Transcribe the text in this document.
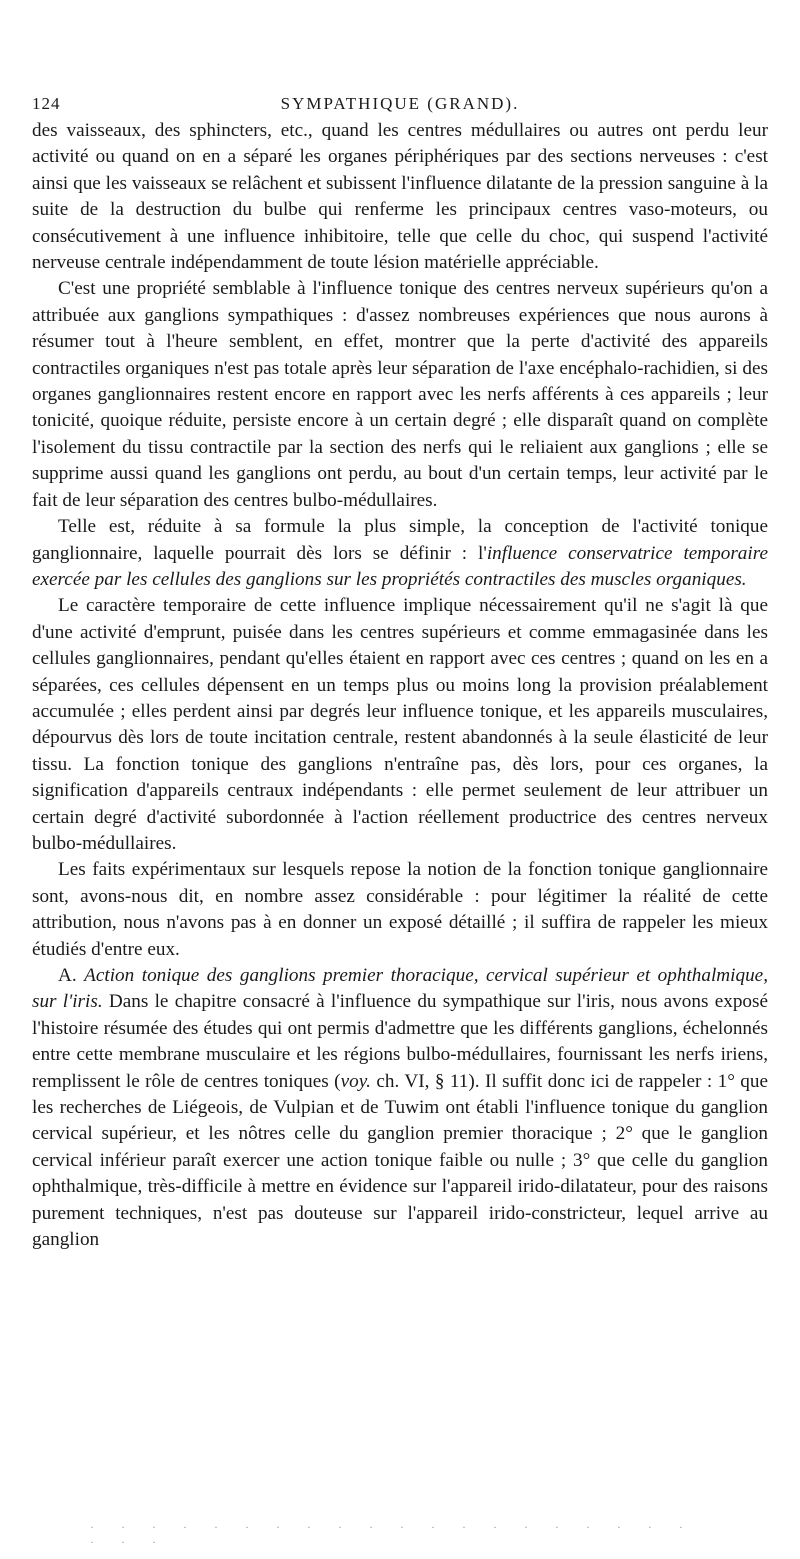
124	SYMPATHIQUE (GRAND).

des vaisseaux, des sphincters, etc., quand les centres médullaires ou autres ont perdu leur activité ou quand on en a séparé les organes périphériques par des sections nerveuses : c'est ainsi que les vaisseaux se relâchent et subissent l'influence dilatante de la pression sanguine à la suite de la destruction du bulbe qui renferme les principaux centres vaso-moteurs, ou consécutivement à une influence inhibitoire, telle que celle du choc, qui suspend l'activité nerveuse centrale indépendamment de toute lésion matérielle appréciable.

C'est une propriété semblable à l'influence tonique des centres nerveux supérieurs qu'on a attribuée aux ganglions sympathiques : d'assez nombreuses expériences que nous aurons à résumer tout à l'heure semblent, en effet, montrer que la perte d'activité des appareils contractiles organiques n'est pas totale après leur séparation de l'axe encéphalo-rachidien, si des organes ganglionnaires restent encore en rapport avec les nerfs afférents à ces appareils ; leur tonicité, quoique réduite, persiste encore à un certain degré ; elle disparaît quand on complète l'isolement du tissu contractile par la section des nerfs qui le reliaient aux ganglions ; elle se supprime aussi quand les ganglions ont perdu, au bout d'un certain temps, leur activité par le fait de leur séparation des centres bulbo-médullaires.

Telle est, réduite à sa formule la plus simple, la conception de l'activité tonique ganglionnaire, laquelle pourrait dès lors se définir : l'influence conservatrice temporaire exercée par les cellules des ganglions sur les propriétés contractiles des muscles organiques.

Le caractère temporaire de cette influence implique nécessairement qu'il ne s'agit là que d'une activité d'emprunt, puisée dans les centres supérieurs et comme emmagasinée dans les cellules ganglionnaires, pendant qu'elles étaient en rapport avec ces centres ; quand on les en a séparées, ces cellules dépensent en un temps plus ou moins long la provision préalablement accumulée ; elles perdent ainsi par degrés leur influence tonique, et les appareils musculaires, dépourvus dès lors de toute incitation centrale, restent abandonnés à la seule élasticité de leur tissu. La fonction tonique des ganglions n'entraîne pas, dès lors, pour ces organes, la signification d'appareils centraux indépendants : elle permet seulement de leur attribuer un certain degré d'activité subordonnée à l'action réellement productrice des centres nerveux bulbo-médullaires.

Les faits expérimentaux sur lesquels repose la notion de la fonction tonique ganglionnaire sont, avons-nous dit, en nombre assez considérable : pour légitimer la réalité de cette attribution, nous n'avons pas à en donner un exposé détaillé ; il suffira de rappeler les mieux étudiés d'entre eux.

A. Action tonique des ganglions premier thoracique, cervical supérieur et ophthalmique, sur l'iris. Dans le chapitre consacré à l'influence du sympathique sur l'iris, nous avons exposé l'histoire résumée des études qui ont permis d'admettre que les différents ganglions, échelonnés entre cette membrane musculaire et les régions bulbo-médullaires, fournissant les nerfs iriens, remplissent le rôle de centres toniques (voy. ch. VI, § 11). Il suffit donc ici de rappeler : 1° que les recherches de Liégeois, de Vulpian et de Tuwim ont établi l'influence tonique du ganglion cervical supérieur, et les nôtres celle du ganglion premier thoracique ; 2° que le ganglion cervical inférieur paraît exercer une action tonique faible ou nulle ; 3° que celle du ganglion ophthalmique, très-difficile à mettre en évidence sur l'appareil irido-dilatateur, pour des raisons purement techniques, n'est pas douteuse sur l'appareil irido-constricteur, lequel arrive au ganglion

· · · · · · · · · · · · · · · · · · · · · · ·
